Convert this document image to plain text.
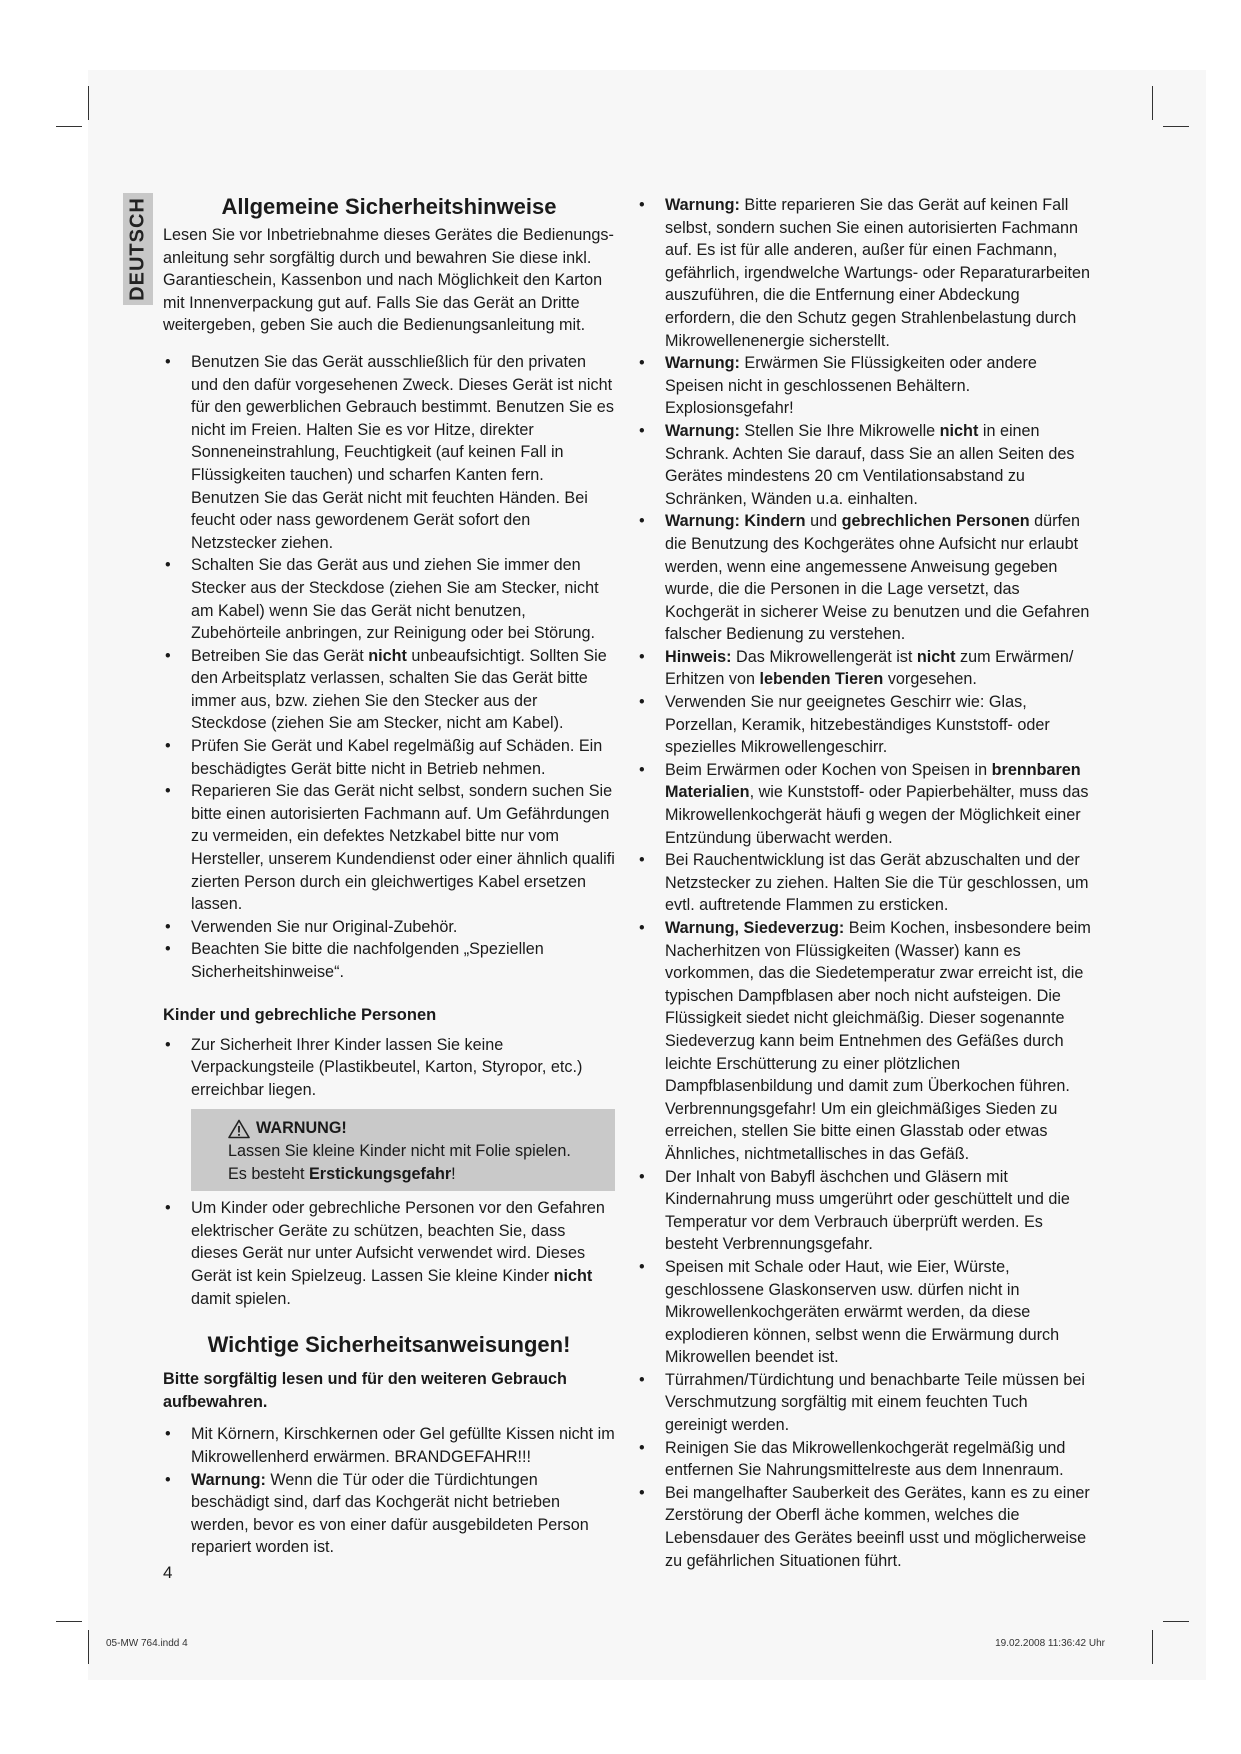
DEUTSCH	Allgemeine Sicherheitshinweise

Lesen Sie vor Inbetriebnahme dieses Gerätes die Bedienungsanleitung sehr sorgfältig durch und bewahren Sie diese inkl. Garantieschein, Kassenbon und nach Möglichkeit den Karton mit Innenverpackung gut auf. Falls Sie das Gerät an Dritte weitergeben, geben Sie auch die Bedienungsanleitung mit.

• Benutzen Sie das Gerät ausschließlich für den privaten und den dafür vorgesehenen Zweck. Dieses Gerät ist nicht für den gewerblichen Gebrauch bestimmt. Benutzen Sie es nicht im Freien. Halten Sie es vor Hitze, direkter Sonneneinstrahlung, Feuchtigkeit (auf keinen Fall in Flüssigkeiten tauchen) und scharfen Kanten fern. Benutzen Sie das Gerät nicht mit feuchten Händen. Bei feucht oder nass gewordenem Gerät sofort den Netzstecker ziehen.
• Schalten Sie das Gerät aus und ziehen Sie immer den Stecker aus der Steckdose (ziehen Sie am Stecker, nicht am Kabel) wenn Sie das Gerät nicht benutzen, Zubehörteile anbringen, zur Reinigung oder bei Störung.
• Betreiben Sie das Gerät nicht unbeaufsichtigt. Sollten Sie den Arbeitsplatz verlassen, schalten Sie das Gerät bitte immer aus, bzw. ziehen Sie den Stecker aus der Steckdose (ziehen Sie am Stecker, nicht am Kabel).
• Prüfen Sie Gerät und Kabel regelmäßig auf Schäden. Ein beschädigtes Gerät bitte nicht in Betrieb nehmen.
• Reparieren Sie das Gerät nicht selbst, sondern suchen Sie bitte einen autorisierten Fachmann auf. Um Gefährdungen zu vermeiden, ein defektes Netzkabel bitte nur vom Hersteller, unserem Kundendienst oder einer ähnlich qualifi zierten Person durch ein gleichwertiges Kabel ersetzen lassen.
• Verwenden Sie nur Original-Zubehör.
• Beachten Sie bitte die nachfolgenden „Speziellen Sicherheitshinweise“.
Kinder und gebrechliche Personen
• Zur Sicherheit Ihrer Kinder lassen Sie keine Verpackungsteile (Plastikbeutel, Karton, Styropor, etc.) erreichbar liegen.
WARNUNG!

Lassen Sie kleine Kinder nicht mit Folie spielen.

Es besteht Erstickungsgefahr!

• Um Kinder oder gebrechliche Personen vor den Gefahren elektrischer Geräte zu schützen, beachten Sie, dass dieses Gerät nur unter Aufsicht verwendet wird. Dieses Gerät ist kein Spielzeug. Lassen Sie kleine Kinder nicht damit spielen.
Wichtige Sicherheitsanweisungen!

Bitte sorgfältig lesen und für den weiteren Gebrauch aufbewahren.

• Mit Körnern, Kirschkernen oder Gel gefüllte Kissen nicht im Mikrowellenherd erwärmen. BRANDGEFAHR!!!
• Warnung: Wenn die Tür oder die Türdichtungen beschädigt sind, darf das Kochgerät nicht betrieben werden, bevor es von einer dafür ausgebildeten Person repariert worden ist.
• Warnung: Bitte reparieren Sie das Gerät auf keinen Fall selbst, sondern suchen Sie einen autorisierten Fachmann auf. Es ist für alle anderen, außer für einen Fachmann, gefährlich, irgendwelche Wartungs- oder Reparaturarbeiten auszuführen, die die Entfernung einer Abdeckung erfordern, die den Schutz gegen Strahlenbelastung durch Mikrowellenenergie sicherstellt.
• Warnung: Erwärmen Sie Flüssigkeiten oder andere Speisen nicht in geschlossenen Behältern. Explosionsgefahr!
• Warnung: Stellen Sie Ihre Mikrowelle nicht in einen Schrank. Achten Sie darauf, dass Sie an allen Seiten des Gerätes mindestens 20 cm Ventilationsabstand zu Schränken, Wänden u.a. einhalten.
• Warnung: Kindern und gebrechlichen Personen dürfen die Benutzung des Kochgerätes ohne Aufsicht nur erlaubt werden, wenn eine angemessene Anweisung gegeben wurde, die die Personen in die Lage versetzt, das Kochgerät in sicherer Weise zu benutzen und die Gefahren falscher Bedienung zu verstehen.
• Hinweis: Das Mikrowellengerät ist nicht zum Erwärmen/ Erhitzen von lebenden Tieren vorgesehen.
• Verwenden Sie nur geeignetes Geschirr wie: Glas, Porzellan, Keramik, hitzebeständiges Kunststoff- oder spezielles Mikrowellengeschirr.
• Beim Erwärmen oder Kochen von Speisen in brennbaren Materialien, wie Kunststoff- oder Papierbehälter, muss das Mikrowellenkochgerät häufi g wegen der Möglichkeit einer Entzündung überwacht werden.
• Bei Rauchentwicklung ist das Gerät abzuschalten und der Netzstecker zu ziehen. Halten Sie die Tür geschlossen, um evtl. auftretende Flammen zu ersticken.
• Warnung, Siedeverzug: Beim Kochen, insbesondere beim Nacherhitzen von Flüssigkeiten (Wasser) kann es vorkommen, das die Siedetemperatur zwar erreicht ist, die typischen Dampfblasen aber noch nicht aufsteigen. Die Flüssigkeit siedet nicht gleichmäßig. Dieser sogenannte Siedeverzug kann beim Entnehmen des Gefäßes durch leichte Erschütterung zu einer plötzlichen Dampfblasenbildung und damit zum Überkochen führen. Verbrennungsgefahr! Um ein gleichmäßiges Sieden zu erreichen, stellen Sie bitte einen Glasstab oder etwas Ähnliches, nichtmetallisches in das Gefäß.
• Der Inhalt von Babyfl äschchen und Gläsern mit Kindernahrung muss umgerührt oder geschüttelt und die Temperatur vor dem Verbrauch überprüft werden. Es besteht Verbrennungsgefahr.
• Speisen mit Schale oder Haut, wie Eier, Würste, geschlossene Glaskonserven usw. dürfen nicht in Mikrowellenkochgeräten erwärmt werden, da diese explodieren können, selbst wenn die Erwärmung durch Mikrowellen beendet ist.
• Türrahmen/Türdichtung und benachbarte Teile müssen bei Verschmutzung sorgfältig mit einem feuchten Tuch gereinigt werden.
• Reinigen Sie das Mikrowellenkochgerät regelmäßig und entfernen Sie Nahrungsmittelreste aus dem Innenraum.
• Bei mangelhafter Sauberkeit des Gerätes, kann es zu einer Zerstörung der Oberfl äche kommen, welches die Lebensdauer des Gerätes beeinfl usst und möglicherweise zu gefährlichen Situationen führt.
4
05-MW 764.indd 4	19.02.2008 11:36:42 Uhr
